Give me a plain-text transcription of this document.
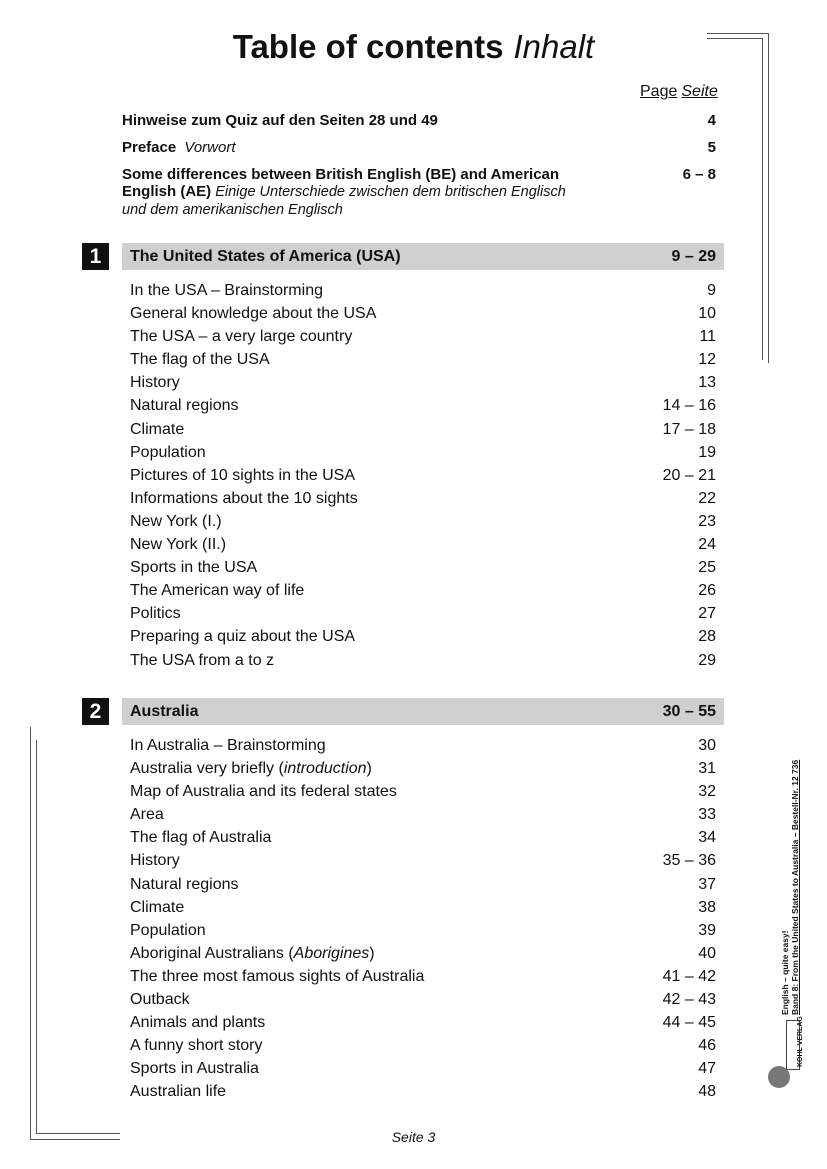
Table of contents Inhalt
Page Seite
Hinweise zum Quiz auf den Seiten 28 und 49	4
Preface Vorwort	5
Some differences between British English (BE) and American
English (AE) Einige Unterschiede zwischen dem britischen Englisch
und dem amerikanischen Englisch
6 – 8
1	The United States of America (USA)	9 – 29
In the USA – Brainstorming	9
General knowledge about the USA	10
The USA – a very large country	11
The flag of the USA	12
History	13
Natural regions	14 – 16
Climate	17 – 18
Population	19
Pictures of 10 sights in the USA	20 – 21
Informations about the 10 sights	22
New York (I.)	23
New York (II.)	24
Sports in the USA	25
The American way of life	26
Politics	27
Preparing a quiz about the USA	28
The USA from a to z	29
2	Australia	30 – 55
In Australia – Brainstorming	30
Australia very briefly (introduction)	31
Map of Australia and its federal states	32
Area	33
The flag of Australia	34
History	35 – 36
Natural regions	37
Climate	38
Population	39
Aboriginal Australians (Aborigines)	40
The three most famous sights of Australia	41 – 42
Outback	42 – 43
Animals and plants	44 – 45
A funny short story	46
Sports in Australia	47
Australian life	48
Seite 3
English – quite easy! Band 8: From the United States to Australia – Bestell-Nr. 12 736
KOHL VERLAG
